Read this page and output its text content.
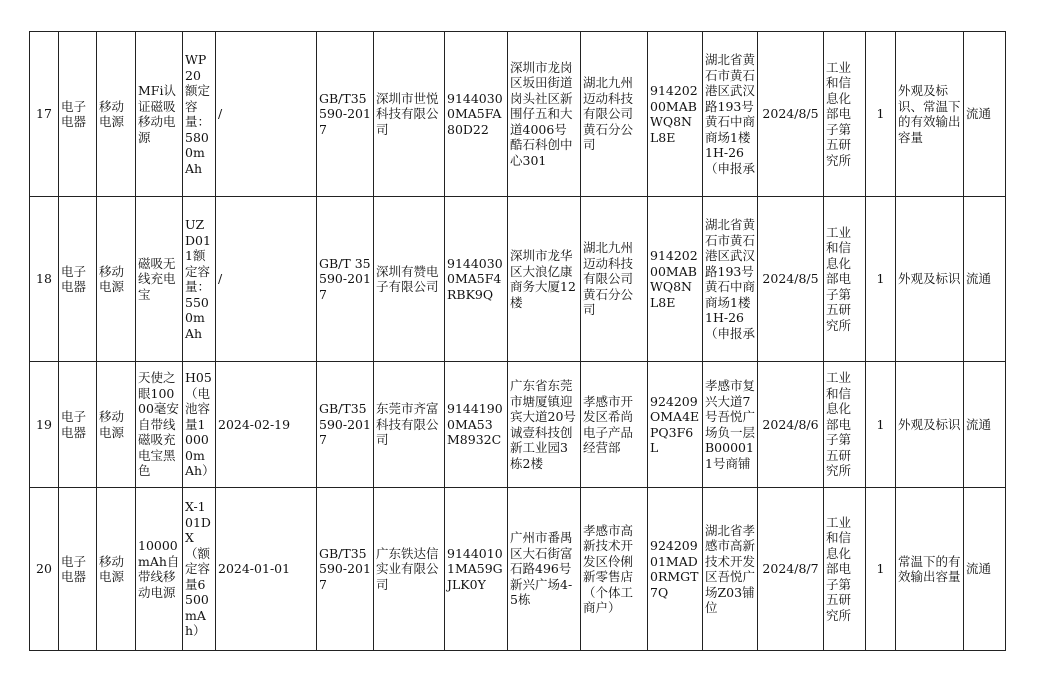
17	电子电器	移动电源	MFi认证磁吸移动电源	WP20额定容量：5800mAh	/	GB/T35590-2017	深圳市世悦科技有限公司	91440300MA5FA80D22	深圳市龙岗区坂田街道岗头社区新围仔五和大道4006号酷石科创中心301	湖北九州迈动科技有限公司黄石分公司	91420200MABWQ8NL8E	湖北省黄石市黄石港区武汉路193号黄石中商商场1楼1H-26（申报承	2024/8/5	工业和信息化部电子第五研究所	1	外观及标识、常温下的有效输出容量	流通
18	电子电器	移动电源	磁吸无线充电宝	UZD011额定容量：5500mAh	/	GB/T 35590-2017	深圳有赞电子有限公司	91440300MA5F4RBK9Q	深圳市龙华区大浪亿康商务大厦12楼	湖北九州迈动科技有限公司黄石分公司	91420200MABWQ8NL8E	湖北省黄石市黄石港区武汉路193号黄石中商商场1楼1H-26（申报承	2024/8/5	工业和信息化部电子第五研究所	1	外观及标识	流通
19	电子电器	移动电源	天使之眼10000毫安自带线磁吸充电宝黑色	H05（电池容量10000mAh）	2024-02-19	GB/T35590-2017	东莞市齐富科技有限公司	91441900MA53M8932C	广东省东莞市塘厦镇迎宾大道20号诚壹科技创新工业园3栋2楼	孝感市开发区希尚电子产品经营部	924209OMA4EPQ3F6L	孝感市复兴大道7号吾悦广场负一层B000011号商铺	2024/8/6	工业和信息化部电子第五研究所	1	外观及标识	流通
20	电子电器	移动电源	10000mAh自带线移动电源	X-101DX（额定容量6500mAh）	2024-01-01	GB/T35590-2017	广东铁达信实业有限公司	91440101MA59GJLK0Y	广州市番禺区大石街富石路496号新兴广场4-5栋	孝感市高新技术开发区伶俐新零售店（个体工商户）	92420901MAD0RMGT7Q	湖北省孝感市高新技术开发区吾悦广场Z03铺位	2024/8/7	工业和信息化部电子第五研究所	1	常温下的有效输出容量	流通
